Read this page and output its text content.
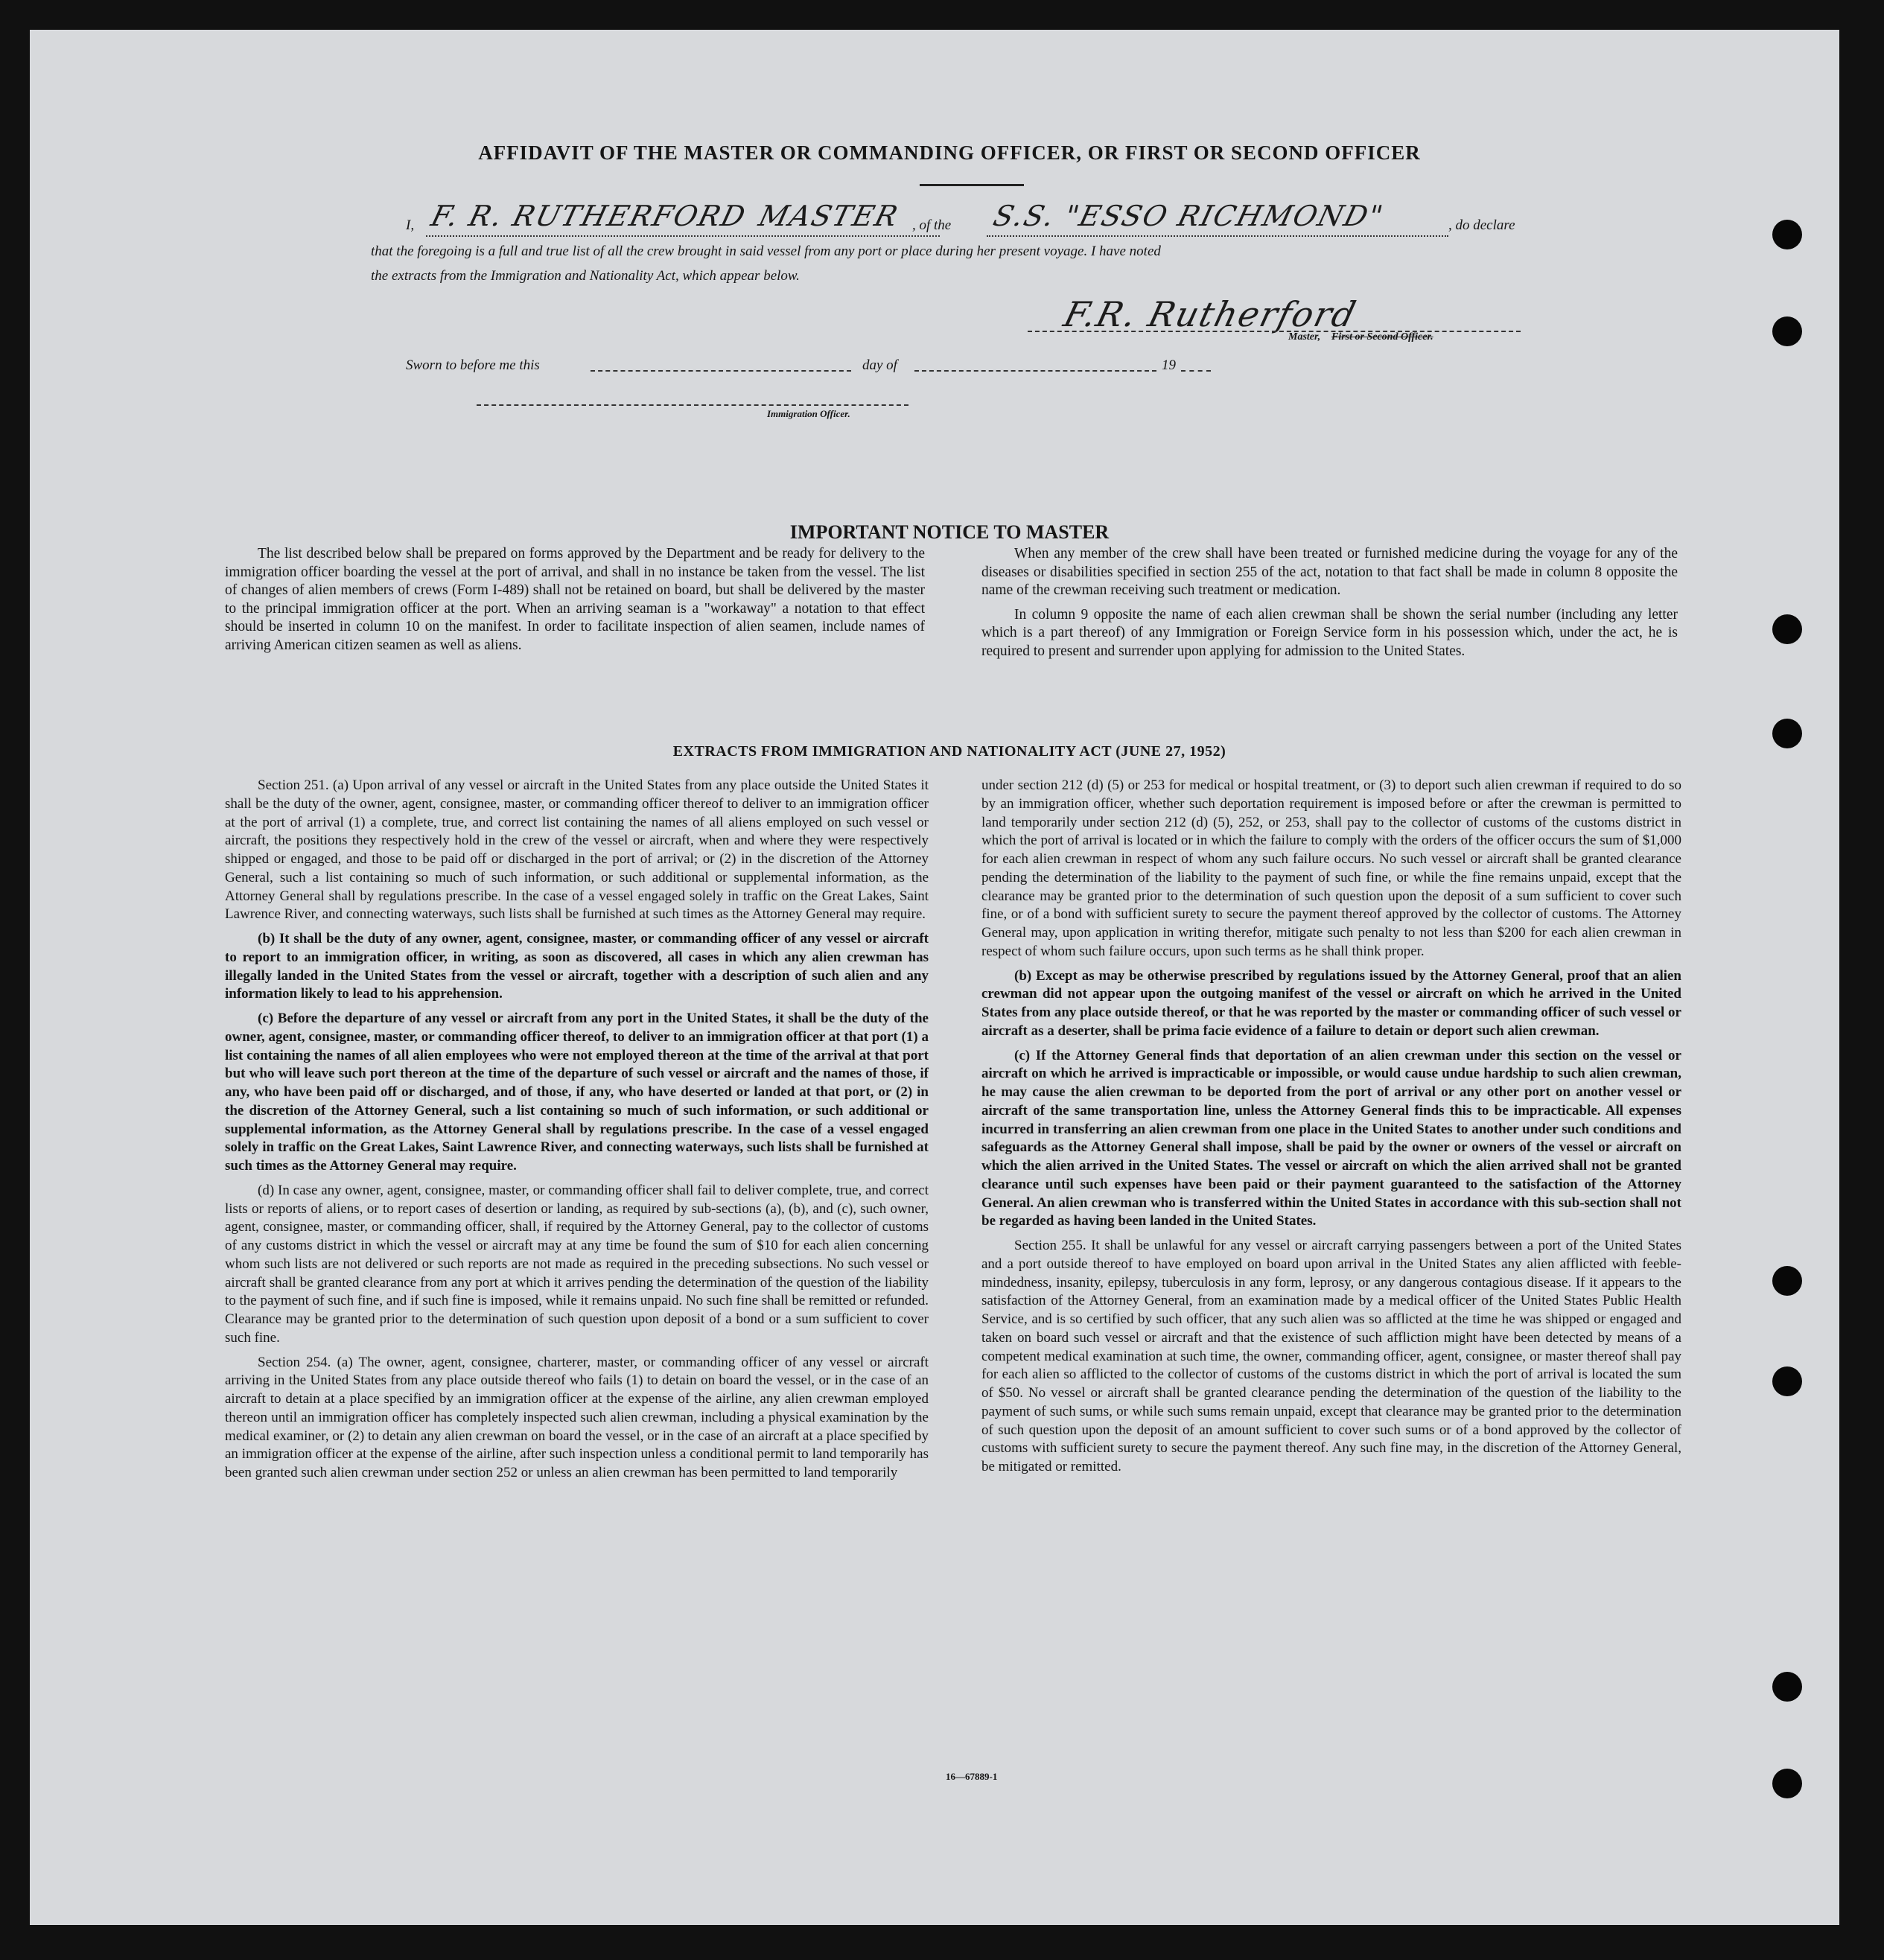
AFFIDAVIT OF THE MASTER OR COMMANDING OFFICER, OR FIRST OR SECOND OFFICER
I, F. R. RUTHERFORD MASTER , of the S.S. "ESSO RICHMOND"	, do declare
that the foregoing is a full and true list of all the crew brought in said vessel from any port or place during her present voyage. I have noted
the extracts from the Immigration and Nationality Act, which appear below.
F.R. Rutherford
Master, First or Second Officer.
Sworn to before me this	day of	19
Immigration Officer.
IMPORTANT NOTICE TO MASTER

The list described below shall be prepared on forms approved by the Department and be ready for delivery to the immigration officer boarding the vessel at the port of arrival, and shall in no instance be taken from the vessel. The list of changes of alien members of crews (Form I-489) shall not be retained on board, but shall be delivered by the master to the principal immigration officer at the port. When an arriving seaman is a "workaway" a notation to that effect should be inserted in column 10 on the manifest. In order to facilitate inspection of alien seamen, include names of arriving American citizen seamen as well as aliens.

When any member of the crew shall have been treated or furnished medicine during the voyage for any of the diseases or disabilities specified in section 255 of the act, notation to that fact shall be made in column 8 opposite the name of the crewman receiving such treatment or medication.

In column 9 opposite the name of each alien crewman shall be shown the serial number (including any letter which is a part thereof) of any Immigration or Foreign Service form in his possession which, under the act, he is required to present and surrender upon applying for admission to the United States.

EXTRACTS FROM IMMIGRATION AND NATIONALITY ACT (JUNE 27, 1952)

Section 251. (a) Upon arrival of any vessel or aircraft in the United States from any place outside the United States it shall be the duty of the owner, agent, consignee, master, or commanding officer thereof to deliver to an immigration officer at the port of arrival (1) a complete, true, and correct list containing the names of all aliens employed on such vessel or aircraft, the positions they respectively hold in the crew of the vessel or aircraft, when and where they were respectively shipped or engaged, and those to be paid off or discharged in the port of arrival; or (2) in the discretion of the Attorney General, such a list containing so much of such information, or such additional or supplemental information, as the Attorney General shall by regulations prescribe. In the case of a vessel engaged solely in traffic on the Great Lakes, Saint Lawrence River, and connecting waterways, such lists shall be furnished at such times as the Attorney General may require.

(b) It shall be the duty of any owner, agent, consignee, master, or commanding officer of any vessel or aircraft to report to an immigration officer, in writing, as soon as discovered, all cases in which any alien crewman has illegally landed in the United States from the vessel or aircraft, together with a description of such alien and any information likely to lead to his apprehension.

(c) Before the departure of any vessel or aircraft from any port in the United States, it shall be the duty of the owner, agent, consignee, master, or commanding officer thereof, to deliver to an immigration officer at that port (1) a list containing the names of all alien employees who were not employed thereon at the time of the arrival at that port but who will leave such port thereon at the time of the departure of such vessel or aircraft and the names of those, if any, who have been paid off or discharged, and of those, if any, who have deserted or landed at that port, or (2) in the discretion of the Attorney General, such a list containing so much of such information, or such additional or supplemental information, as the Attorney General shall by regulations prescribe. In the case of a vessel engaged solely in traffic on the Great Lakes, Saint Lawrence River, and connecting waterways, such lists shall be furnished at such times as the Attorney General may require.

(d) In case any owner, agent, consignee, master, or commanding officer shall fail to deliver complete, true, and correct lists or reports of aliens, or to report cases of desertion or landing, as required by sub-sections (a), (b), and (c), such owner, agent, consignee, master, or commanding officer, shall, if required by the Attorney General, pay to the collector of customs of any customs district in which the vessel or aircraft may at any time be found the sum of $10 for each alien concerning whom such lists are not delivered or such reports are not made as required in the preceding subsections. No such vessel or aircraft shall be granted clearance from any port at which it arrives pending the determination of the question of the liability to the payment of such fine, and if such fine is imposed, while it remains unpaid. No such fine shall be remitted or refunded. Clearance may be granted prior to the determination of such question upon deposit of a bond or a sum sufficient to cover such fine.

Section 254. (a) The owner, agent, consignee, charterer, master, or commanding officer of any vessel or aircraft arriving in the United States from any place outside thereof who fails (1) to detain on board the vessel, or in the case of an aircraft to detain at a place specified by an immigration officer at the expense of the airline, any alien crewman employed thereon until an immigration officer has completely inspected such alien crewman, including a physical examination by the medical examiner, or (2) to detain any alien crewman on board the vessel, or in the case of an aircraft at a place specified by an immigration officer at the expense of the airline, after such inspection unless a conditional permit to land temporarily has been granted such alien crewman under section 252 or unless an alien crewman has been permitted to land temporarily

under section 212 (d) (5) or 253 for medical or hospital treatment, or (3) to deport such alien crewman if required to do so by an immigration officer, whether such deportation requirement is imposed before or after the crewman is permitted to land temporarily under section 212 (d) (5), 252, or 253, shall pay to the collector of customs of the customs district in which the port of arrival is located or in which the failure to comply with the orders of the officer occurs the sum of $1,000 for each alien crewman in respect of whom any such failure occurs. No such vessel or aircraft shall be granted clearance pending the determination of the liability to the payment of such fine, or while the fine remains unpaid, except that the clearance may be granted prior to the determination of such question upon the deposit of a sum sufficient to cover such fine, or of a bond with sufficient surety to secure the payment thereof approved by the collector of customs. The Attorney General may, upon application in writing therefor, mitigate such penalty to not less than $200 for each alien crewman in respect of whom such failure occurs, upon such terms as he shall think proper.

(b) Except as may be otherwise prescribed by regulations issued by the Attorney General, proof that an alien crewman did not appear upon the outgoing manifest of the vessel or aircraft on which he arrived in the United States from any place outside thereof, or that he was reported by the master or commanding officer of such vessel or aircraft as a deserter, shall be prima facie evidence of a failure to detain or deport such alien crewman.

(c) If the Attorney General finds that deportation of an alien crewman under this section on the vessel or aircraft on which he arrived is impracticable or impossible, or would cause undue hardship to such alien crewman, he may cause the alien crewman to be deported from the port of arrival or any other port on another vessel or aircraft of the same transportation line, unless the Attorney General finds this to be impracticable. All expenses incurred in transferring an alien crewman from one place in the United States to another under such conditions and safeguards as the Attorney General shall impose, shall be paid by the owner or owners of the vessel or aircraft on which the alien arrived in the United States. The vessel or aircraft on which the alien arrived shall not be granted clearance until such expenses have been paid or their payment guaranteed to the satisfaction of the Attorney General. An alien crewman who is transferred within the United States in accordance with this sub-section shall not be regarded as having been landed in the United States.

Section 255. It shall be unlawful for any vessel or aircraft carrying passengers between a port of the United States and a port outside thereof to have employed on board upon arrival in the United States any alien afflicted with feeble-mindedness, insanity, epilepsy, tuberculosis in any form, leprosy, or any dangerous contagious disease. If it appears to the satisfaction of the Attorney General, from an examination made by a medical officer of the United States Public Health Service, and is so certified by such officer, that any such alien was so afflicted at the time he was shipped or engaged and taken on board such vessel or aircraft and that the existence of such affliction might have been detected by means of a competent medical examination at such time, the owner, commanding officer, agent, consignee, or master thereof shall pay for each alien so afflicted to the collector of customs of the customs district in which the port of arrival is located the sum of $50. No vessel or aircraft shall be granted clearance pending the determination of the question of the liability to the payment of such sums, or while such sums remain unpaid, except that clearance may be granted prior to the determination of such question upon the deposit of an amount sufficient to cover such sums or of a bond approved by the collector of customs with sufficient surety to secure the payment thereof. Any such fine may, in the discretion of the Attorney General, be mitigated or remitted.

16—67889-1
